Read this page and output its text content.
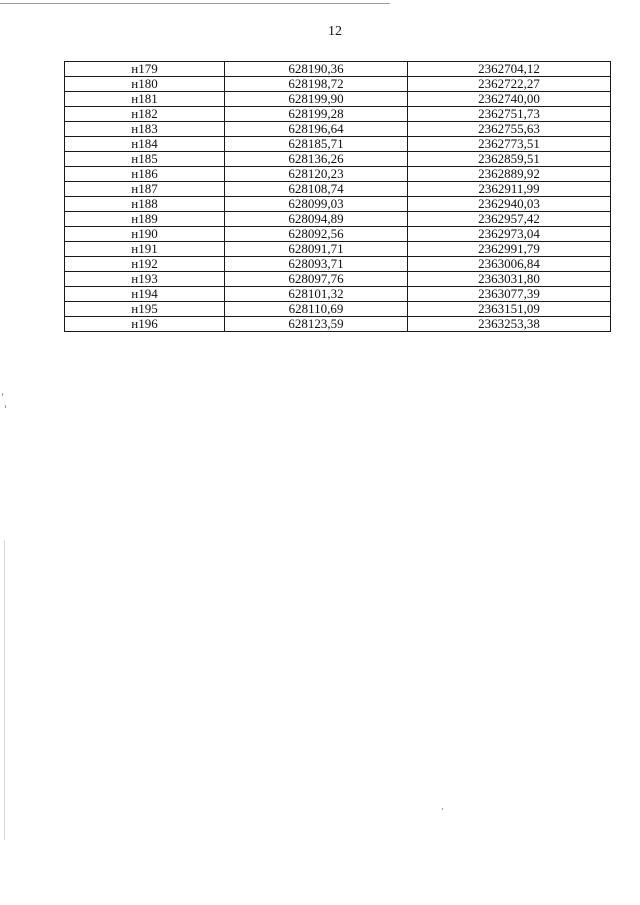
12
н179	628190,36	2362704,12
н180	628198,72	2362722,27
н181	628199,90	2362740,00
н182	628199,28	2362751,73
н183	628196,64	2362755,63
н184	628185,71	2362773,51
н185	628136,26	2362859,51
н186	628120,23	2362889,92
н187	628108,74	2362911,99
н188	628099,03	2362940,03
н189	628094,89	2362957,42
н190	628092,56	2362973,04
н191	628091,71	2362991,79
н192	628093,71	2363006,84
н193	628097,76	2363031,80
н194	628101,32	2363077,39
н195	628110,69	2363151,09
н196	628123,59	2363253,38
